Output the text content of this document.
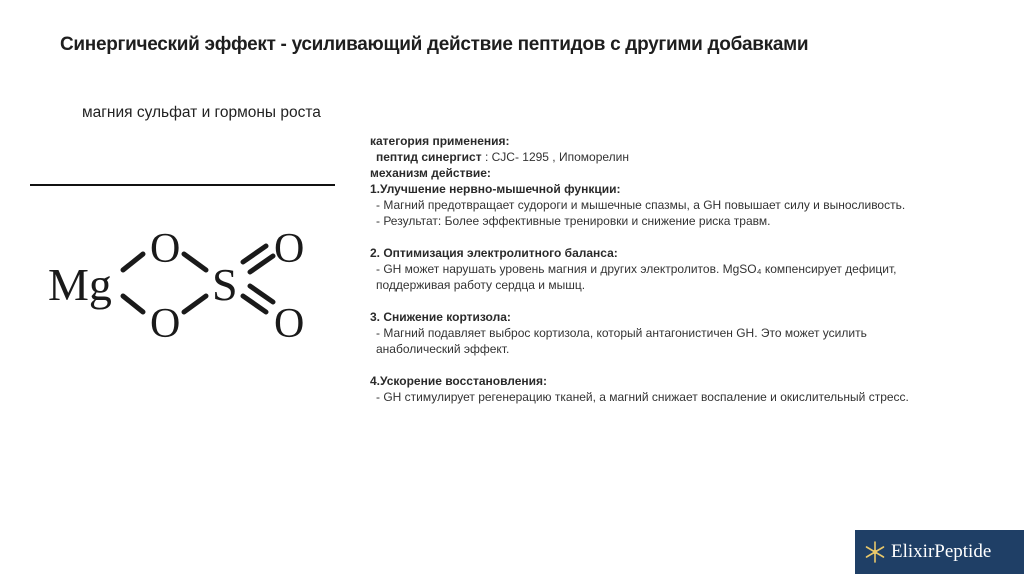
Синергический эффект - усиливающий действие пептидов с другими добавками
магния сульфат и гормоны роста
Mg
O
O
S
O
O
категория применения:
пептид синергист : CJC- 1295 , Ипоморелин
механизм действие:
1.Улучшение нервно-мышечной функции:
- Магний предотвращает судороги и мышечные спазмы, а GH повышает силу и выносливость.
- Результат: Более эффективные тренировки и снижение риска травм.
2. Оптимизация электролитного баланса:
- GH может нарушать уровень магния и других электролитов. MgSO₄ компенсирует дефицит, поддерживая работу сердца и мышц.
3. Снижение кортизола:
- Магний подавляет выброс кортизола, который антагонистичен GH. Это может усилить анаболический эффект.
4.Ускорение восстановления:
- GH стимулирует регенерацию тканей, а магний снижает воспаление и окислительный стресс.
ElixirPeptide
